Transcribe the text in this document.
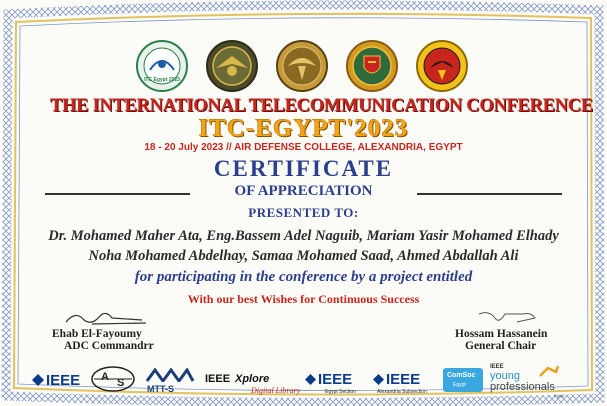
ITC Egypt 2023
THE INTERNATIONAL TELECOMMUNICATION CONFERENCE
ITC-EGYPT'2023
18 - 20 July 2023 // AIR DEFENSE COLLEGE, ALEXANDRIA, EGYPT
CERTIFICATE
OF APPRECIATION
PRESENTED TO:
Dr. Mohamed Maher Ata, Eng.Bassem Adel Naguib, Mariam Yasir Mohamed Elhady
Noha Mohamed Abdelhay, Samaa Mohamed Saad, Ahmed Abdallah Ali
for participating in the conference by a project entitled
With our best Wishes for Continuous Success
Ehab El-Fayoumy
ADC Commandrr
Hossam Hassanein
General Chair
IEEE A S	MTT-S
IEEE Xplore
Digital Library
IEEE
Egypt Section
IEEE
Alexandria Subsection
ComSoc
Egypt
IEEE
young
professionals
Egypt
